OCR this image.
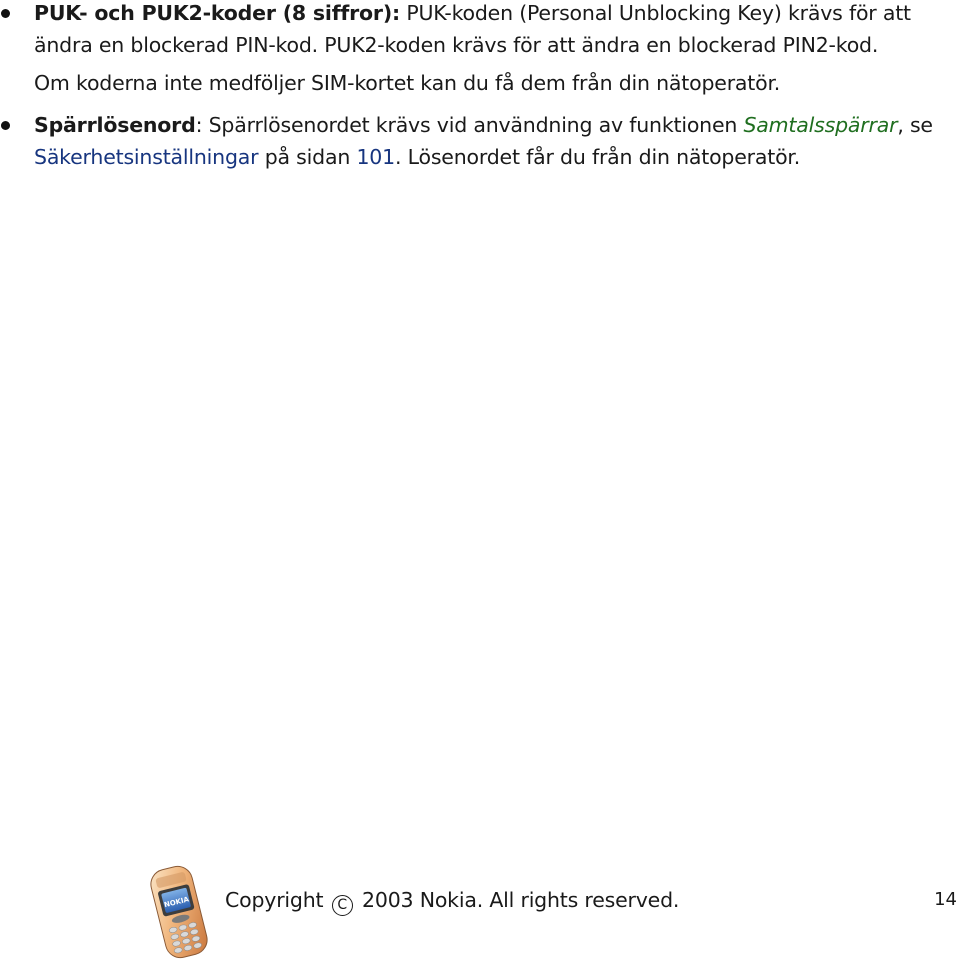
PUK- och PUK2-koder (8 siffror): PUK-koden (Personal Unblocking Key) krävs för att ändra en blockerad PIN-kod. PUK2-koden krävs för att ändra en blockerad PIN2-kod.
Om koderna inte medföljer SIM-kortet kan du få dem från din nätoperatör.
Spärrlösenord: Spärrlösenordet krävs vid användning av funktionen Samtalsspärrar, se Säkerhetsinställningar på sidan 101. Lösenordet får du från din nätoperatör.
NOKIA Copyright C 2003 Nokia. All rights reserved.	14
